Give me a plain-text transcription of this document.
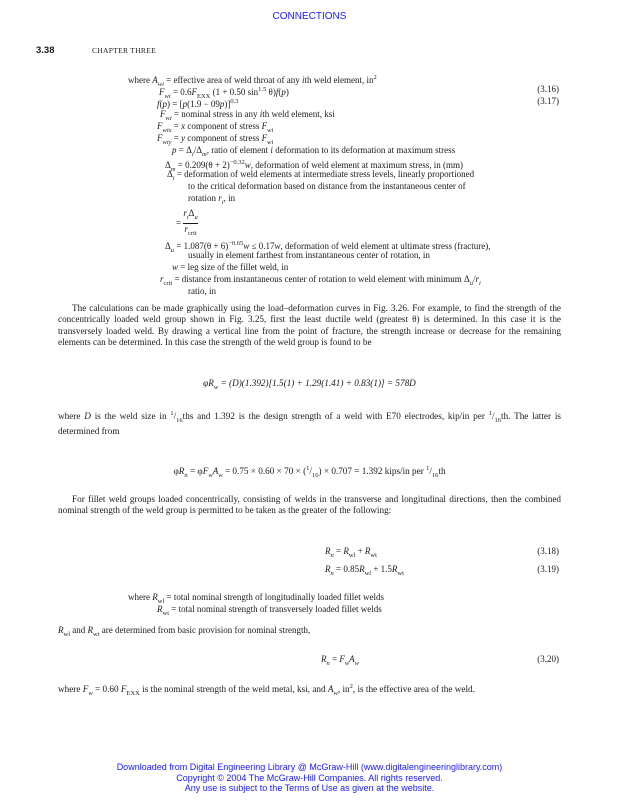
CONNECTIONS
3.38	CHAPTER THREE
where $A_{wi}$ = effective area of weld throat of any ith weld element, $in^2$
$F_{wi} = 0.6F_{EXX}$ (1 + 0.50 $\sin^{1.5} \theta)f(p)$	(3.16)
$f(p) = [p(1.9 - 09p)]^{0.3}$	(3.17)
$F_{wi}$ = nominal stress in any ith weld element, ksi
$F_{wix} = x$ component of stress $F_{wi}$
$F_{wiy} = y$ component of stress $F_{wi}$
$p = \Delta_i/\Delta_m$, ratio of element i deformation to its deformation at maximum stress
$\Delta_m = 0.209(\theta + 2)^{-0.32}w$, deformation of weld element at maximum stress, in (mm)
$\Delta_i$ = deformation of weld elements at intermediate stress levels, linearly proportioned
to the critical deformation based on distance from the instantaneous center of
rotation $r_i$, in
=
$r_i\Delta_u$
$r_{crit}$
$\Delta_u = 1.087(\theta + 6)^{-0.65}w \le 0.17w$, deformation of weld element at ultimate stress (fracture),
usually in element farthest from instantaneous center of rotation, in
w = leg size of the fillet weld, in
$r_{crit}$ = distance from instantaneous center of rotation to weld element with minimum $\Delta_u/r_i$
ratio, in

The calculations can be made graphically using the load–deformation curves in Fig. 3.26. For example, to find the strength of the concentrically loaded weld group shown in Fig. 3.25, first the least ductile weld (greatest θ) is determined. In this case it is the transversely loaded weld. By drawing a vertical line from the point of fracture, the strength increase or decrease for the remaining elements can be determined. In this case the strength of the weld group is found to be

$\varphi R_w = (D)(1.392)[1.5(1) + 1.29(1.41) + 0.83(1)] = 578D$

where D is the weld size in $^1/_{16}ths$ and 1.392 is the design strength of a weld with E70 electrodes, kip/in per $^1/_{16}th$. The latter is determined from

$\varphi R_n = \varphi F_wA_w = 0.75 \times 0.60 \times 70 \times (^1/_{16}) \times 0.707 = 1.392$ kips/in per $^1/_{16}th$

For fillet weld groups loaded concentrically, consisting of welds in the transverse and longitudinal directions, then the combined nominal strength of the weld group is permitted to be taken as the greater of the following:

$R_n = R_{wl} + R_{wt}$	(3.18)
$R_n = 0.85R_{wl} + 1.5R_{wt}$	(3.19)
where $R_{wl}$ = total nominal strength of longitudinally loaded fillet welds
$R_{wt}$ = total nominal strength of transversely loaded fillet welds
$R_{wl}$ and $R_{wt}$ are determined from basic provision for nominal strength,
$R_n = F_wA_w$	(3.20)

where $F_w = 0.60$ $F_{EXX}$ is the nominal strength of the weld metal, ksi, and $A_w$, $in^2$, is the effective area of the weld.

Downloaded from Digital Engineering Library @ McGraw-Hill (www.digitalengineeringlibrary.com)
Copyright © 2004 The McGraw-Hill Companies. All rights reserved.
Any use is subject to the Terms of Use as given at the website.
